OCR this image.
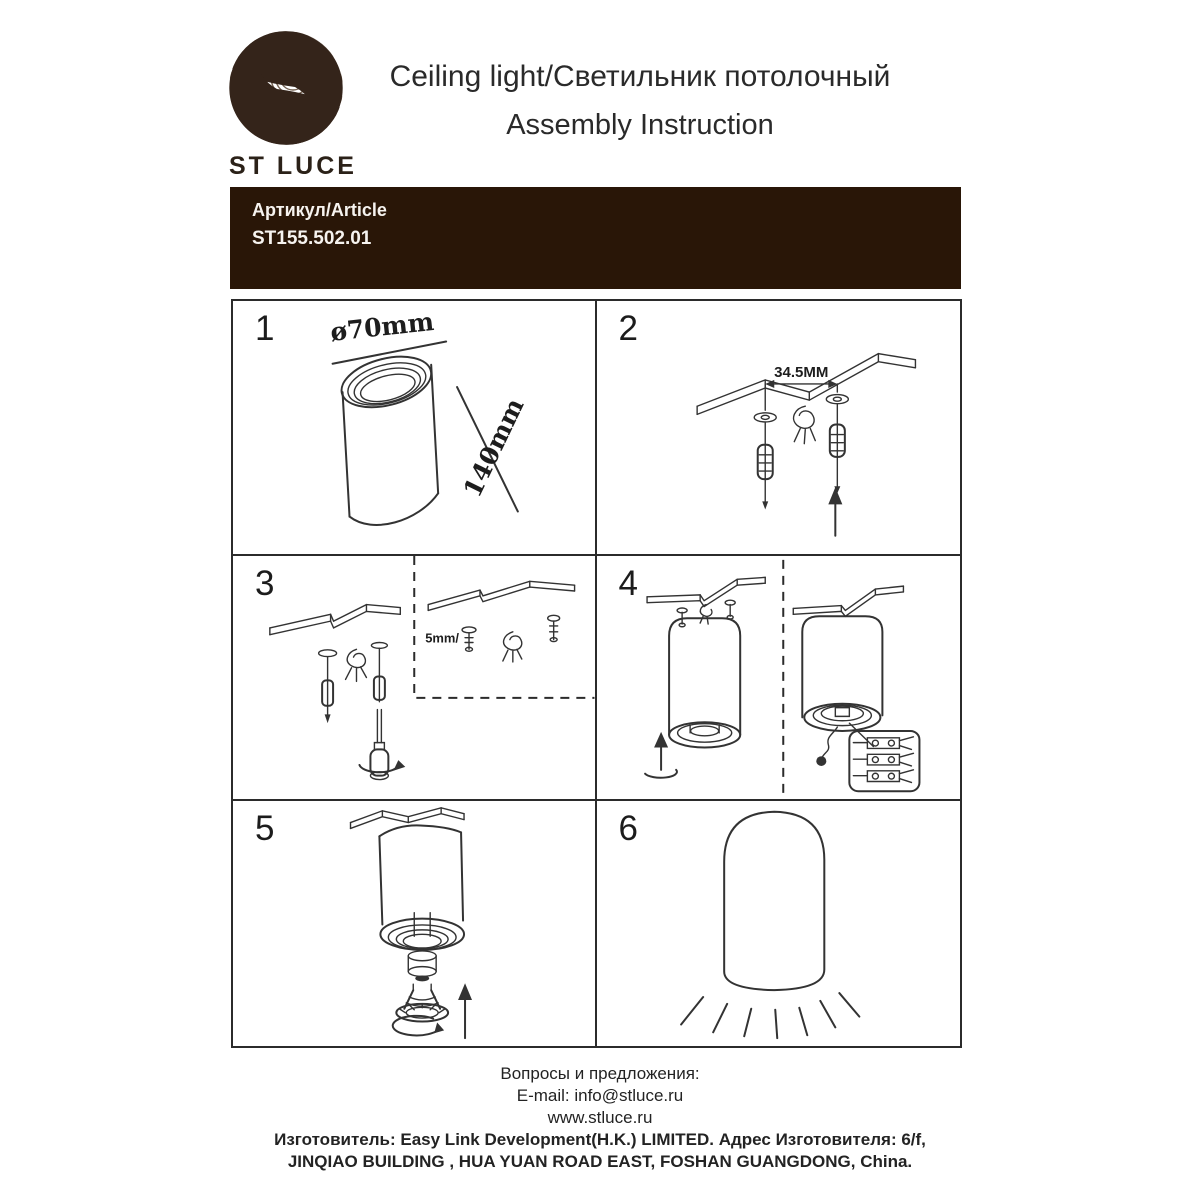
ST LUCE
Ceiling light/Светильник потолочный
Assembly Instruction
Артикул/Article
ST155.502.01
1 ø70mm
140mm
2
34.5MM
3
5mm/
4
5	6
Вопросы и предложения:
E-mail: info@stluce.ru
www.stluce.ru
Изготовитель: Easy Link Development(H.K.) LIMITED. Адрес Изготовителя: 6/f,
JINQIAO BUILDING , HUA YUAN ROAD EAST, FOSHAN GUANGDONG, China.
